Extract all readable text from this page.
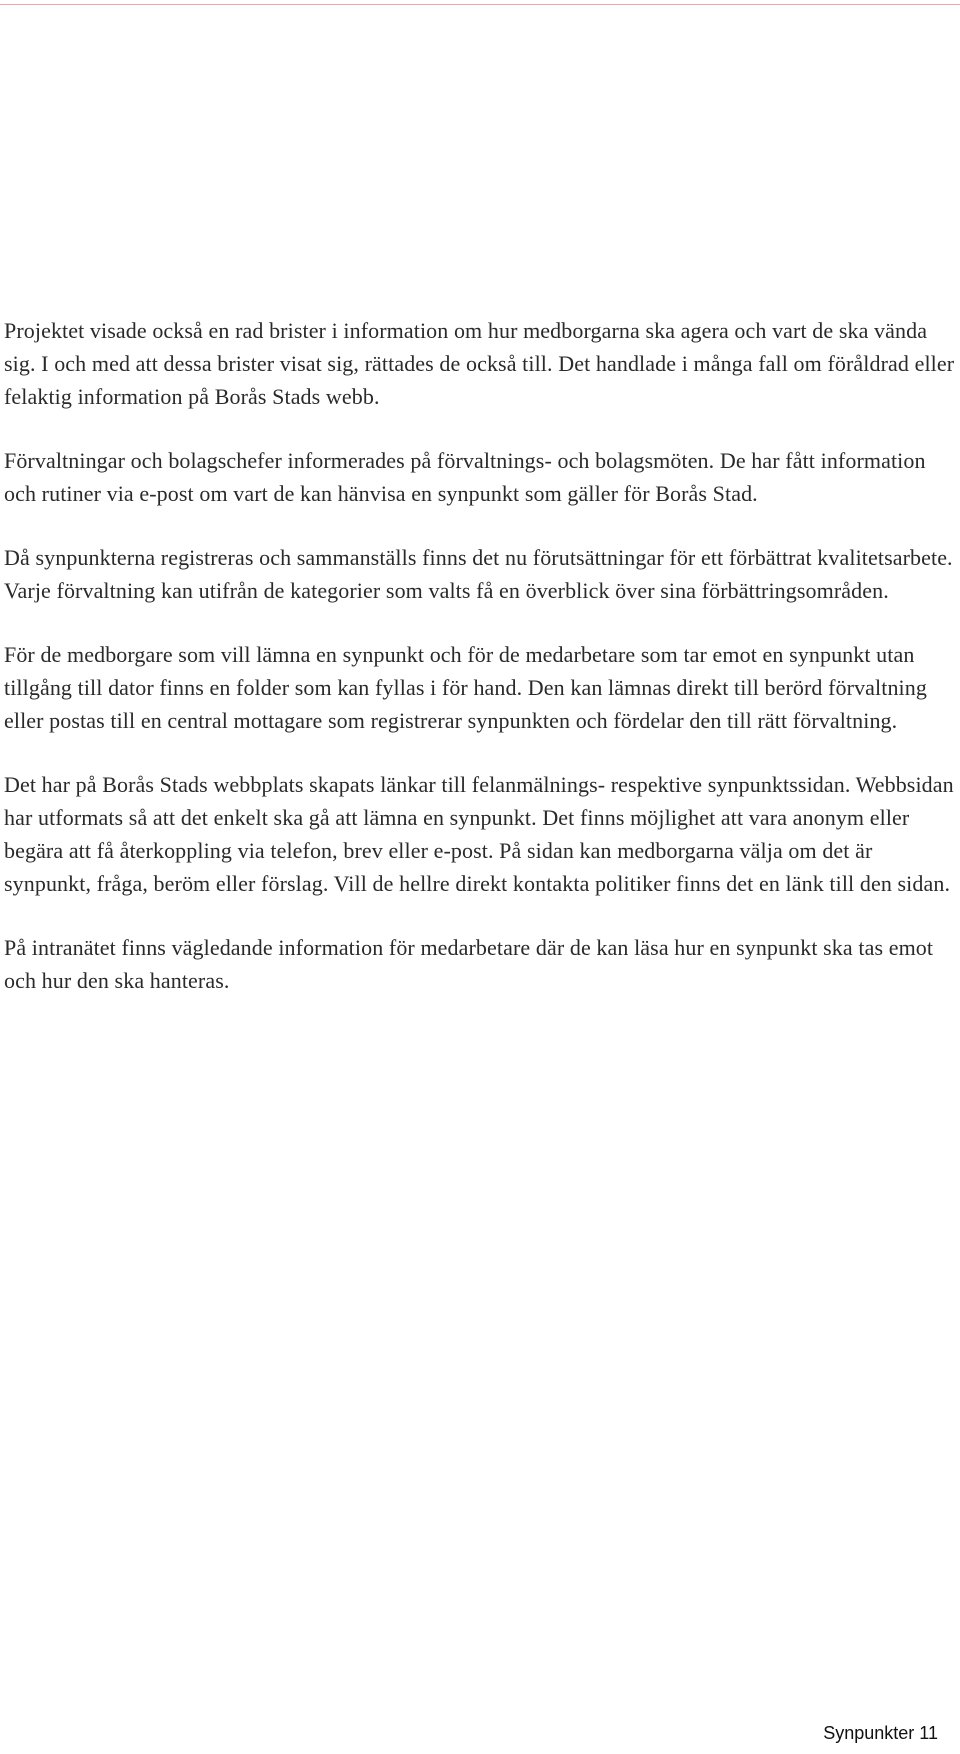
Projektet visade också en rad brister i information om hur medborgarna ska agera och vart de ska vända sig. I och med att dessa brister visat sig, rättades de också till. Det handlade i många fall om föråldrad eller felaktig information på Borås Stads webb.

Förvaltningar och bolagschefer informerades på förvaltnings- och bolagsmöten. De har fått information och rutiner via e-post om vart de kan hänvisa en synpunkt som gäller för Borås Stad.

Då synpunkterna registreras och sammanställs finns det nu förutsättningar för ett förbättrat kvalitetsarbete. Varje förvaltning kan utifrån de kategorier som valts få en överblick över sina förbättringsområden.

För de medborgare som vill lämna en synpunkt och för de medarbetare som tar emot en synpunkt utan tillgång till dator finns en folder som kan fyllas i för hand. Den kan lämnas direkt till berörd förvaltning eller postas till en central mottagare som registrerar synpunkten och fördelar den till rätt förvaltning.

Det har på Borås Stads webbplats skapats länkar till felanmälnings- respektive synpunktssidan. Webbsidan har utformats så att det enkelt ska gå att lämna en synpunkt. Det finns möjlighet att vara anonym eller begära att få återkoppling via telefon, brev eller e-post. På sidan kan medborgarna välja om det är synpunkt, fråga, beröm eller förslag. Vill de hellre direkt kontakta politiker finns det en länk till den sidan.

På intranätet finns vägledande information för medarbetare där de kan läsa hur en synpunkt ska tas emot och hur den ska hanteras.

Synpunkter 11
